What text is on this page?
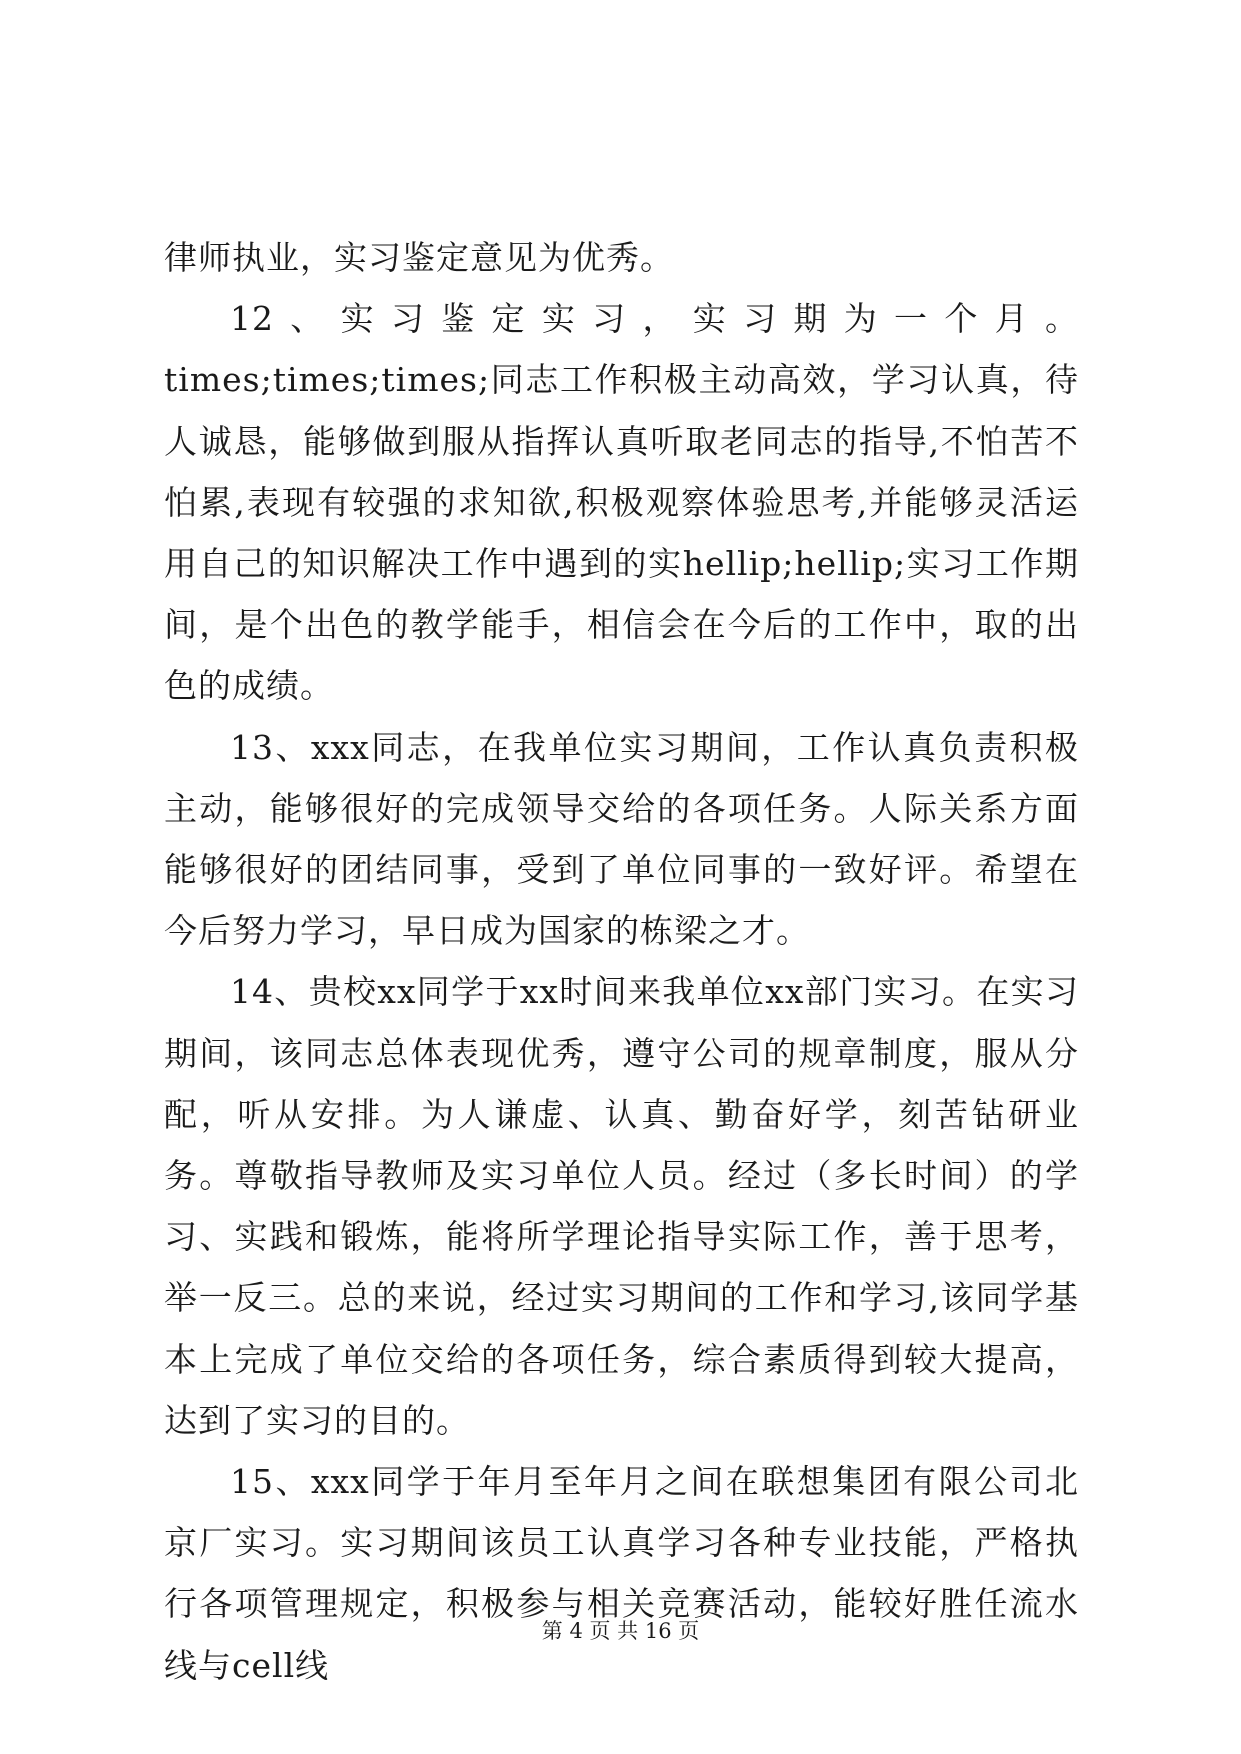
律师执业，实习鉴定意见为优秀。

12、实习鉴定实习，实习期为一个月。times;times;times;同志工作积极主动高效，学习认真，待人诚恳，能够做到服从指挥认真听取老同志的指导,不怕苦不怕累,表现有较强的求知欲,积极观察体验思考,并能够灵活运用自己的知识解决工作中遇到的实hellip;hellip;实习工作期间，是个出色的教学能手，相信会在今后的工作中，取的出色的成绩。

13、xxx同志，在我单位实习期间，工作认真负责积极主动，能够很好的完成领导交给的各项任务。人际关系方面能够很好的团结同事，受到了单位同事的一致好评。希望在今后努力学习，早日成为国家的栋梁之才。

14、贵校xx同学于xx时间来我单位xx部门实习。在实习期间，该同志总体表现优秀，遵守公司的规章制度，服从分配，听从安排。为人谦虚、认真、勤奋好学，刻苦钻研业务。尊敬指导教师及实习单位人员。经过（多长时间）的学习、实践和锻炼，能将所学理论指导实际工作，善于思考，举一反三。总的来说，经过实习期间的工作和学习,该同学基本上完成了单位交给的各项任务，综合素质得到较大提高，达到了实习的目的。

15、xxx同学于年月至年月之间在联想集团有限公司北京厂实习。实习期间该员工认真学习各种专业技能，严格执行各项管理规定，积极参与相关竞赛活动，能较好胜任流水线与cell线

第 4 页 共 16 页
